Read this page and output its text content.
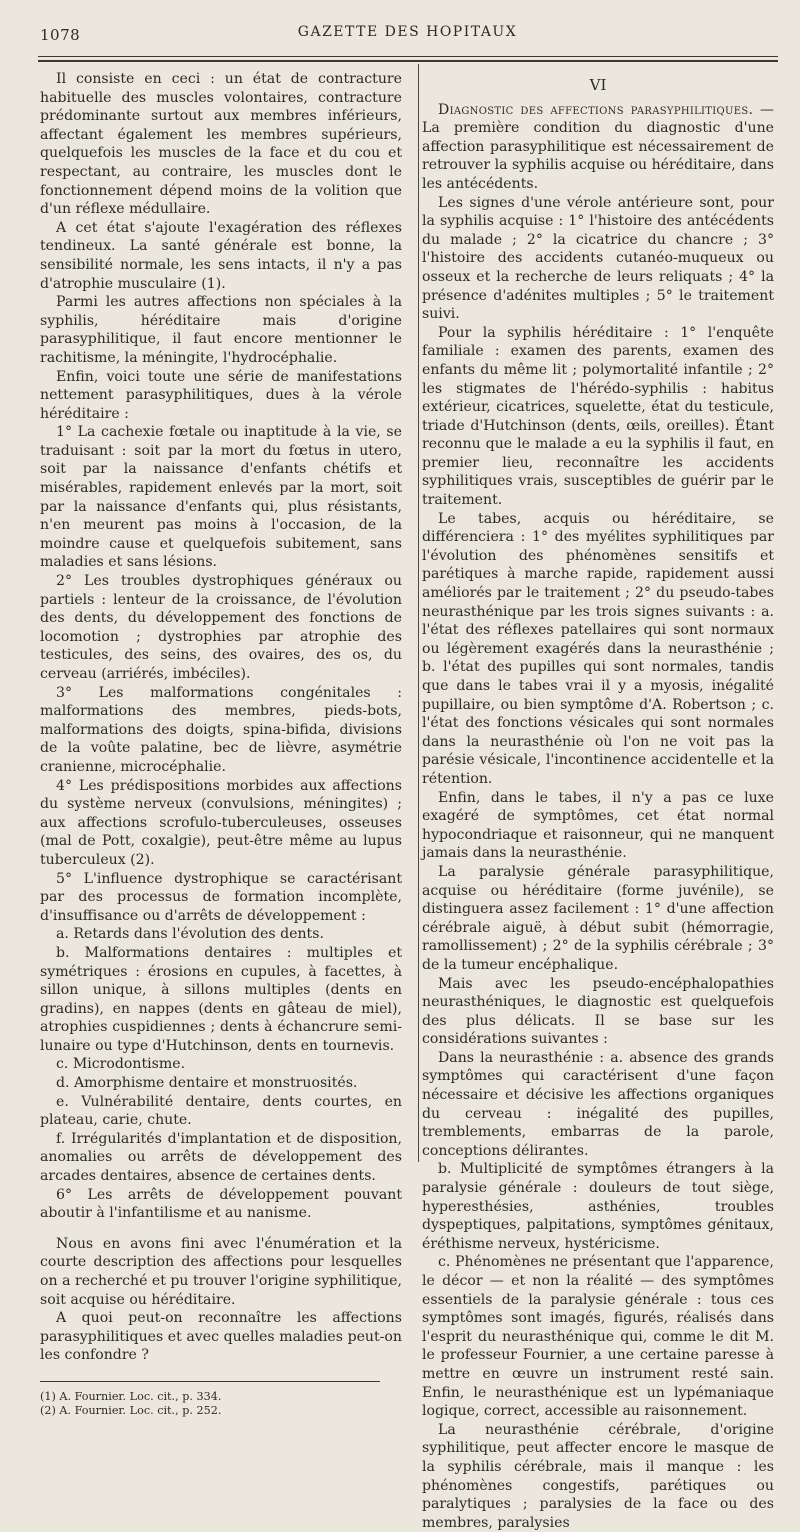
1078	GAZETTE DES HOPITAUX

Il consiste en ceci : un état de contracture habituelle des muscles volontaires, contracture prédominante surtout aux membres inférieurs, affectant également les membres supérieurs, quelquefois les muscles de la face et du cou et respectant, au contraire, les muscles dont le fonctionnement dépend moins de la volition que d'un réflexe médullaire.

A cet état s'ajoute l'exagération des réflexes tendineux. La santé générale est bonne, la sensibilité normale, les sens intacts, il n'y a pas d'atrophie musculaire (1).

Parmi les autres affections non spéciales à la syphilis, héréditaire mais d'origine parasyphilitique, il faut encore mentionner le rachitisme, la méningite, l'hydrocéphalie.

Enfin, voici toute une série de manifestations nettement parasyphilitiques, dues à la vérole héréditaire :

1° La cachexie fœtale ou inaptitude à la vie, se traduisant : soit par la mort du fœtus in utero, soit par la naissance d'enfants chétifs et misérables, rapidement enlevés par la mort, soit par la naissance d'enfants qui, plus résistants, n'en meurent pas moins à l'occasion, de la moindre cause et quelquefois subitement, sans maladies et sans lésions.

2° Les troubles dystrophiques généraux ou partiels : lenteur de la croissance, de l'évolution des dents, du développement des fonctions de locomotion ; dystrophies par atrophie des testicules, des seins, des ovaires, des os, du cerveau (arriérés, imbéciles).

3° Les malformations congénitales : malformations des membres, pieds-bots, malformations des doigts, spina-bifida, divisions de la voûte palatine, bec de lièvre, asymétrie cranienne, microcéphalie.

4° Les prédispositions morbides aux affections du système nerveux (convulsions, méningites) ; aux affections scrofulo-tuberculeuses, osseuses (mal de Pott, coxalgie), peut-être même au lupus tuberculeux (2).

5° L'influence dystrophique se caractérisant par des processus de formation incomplète, d'insuffisance ou d'arrêts de développement :

a. Retards dans l'évolution des dents.

b. Malformations dentaires : multiples et symétriques : érosions en cupules, à facettes, à sillon unique, à sillons multiples (dents en gradins), en nappes (dents en gâteau de miel), atrophies cuspidiennes ; dents à échancrure semi-lunaire ou type d'Hutchinson, dents en tournevis.

c. Microdontisme.

d. Amorphisme dentaire et monstruosités.

e. Vulnérabilité dentaire, dents courtes, en plateau, carie, chute.

f. Irrégularités d'implantation et de disposition, anomalies ou arrêts de développement des arcades dentaires, absence de certaines dents.

6° Les arrêts de développement pouvant aboutir à l'infantilisme et au nanisme.

Nous en avons fini avec l'énumération et la courte description des affections pour lesquelles on a recherché et pu trouver l'origine syphilitique, soit acquise ou héréditaire.

A quoi peut-on reconnaître les affections parasyphilitiques et avec quelles maladies peut-on les confondre ?

(1) A. Fournier. Loc. cit., p. 334.

(2) A. Fournier. Loc. cit., p. 252.

VI

Diagnostic des affections parasyphilitiques. — La première condition du diagnostic d'une affection parasyphilitique est nécessairement de retrouver la syphilis acquise ou héréditaire, dans les antécédents.

Les signes d'une vérole antérieure sont, pour la syphilis acquise : 1° l'histoire des antécédents du malade ; 2° la cicatrice du chancre ; 3° l'histoire des accidents cutanéo-muqueux ou osseux et la recherche de leurs reliquats ; 4° la présence d'adénites multiples ; 5° le traitement suivi.

Pour la syphilis héréditaire : 1° l'enquête familiale : examen des parents, examen des enfants du même lit ; polymortalité infantile ; 2° les stigmates de l'hérédo-syphilis : habitus extérieur, cicatrices, squelette, état du testicule, triade d'Hutchinson (dents, œils, oreilles). Étant reconnu que le malade a eu la syphilis il faut, en premier lieu, reconnaître les accidents syphilitiques vrais, susceptibles de guérir par le traitement.

Le tabes, acquis ou héréditaire, se différenciera : 1° des myélites syphilitiques par l'évolution des phénomènes sensitifs et parétiques à marche rapide, rapidement aussi améliorés par le traitement ; 2° du pseudo-tabes neurasthénique par les trois signes suivants : a. l'état des réflexes patellaires qui sont normaux ou légèrement exagérés dans la neurasthénie ; b. l'état des pupilles qui sont normales, tandis que dans le tabes vrai il y a myosis, inégalité pupillaire, ou bien symptôme d'A. Robertson ; c. l'état des fonctions vésicales qui sont normales dans la neurasthénie où l'on ne voit pas la parésie vésicale, l'incontinence accidentelle et la rétention.

Enfin, dans le tabes, il n'y a pas ce luxe exagéré de symptômes, cet état normal hypocondriaque et raisonneur, qui ne manquent jamais dans la neurasthénie.

La paralysie générale parasyphilitique, acquise ou héréditaire (forme juvénile), se distinguera assez facilement : 1° d'une affection cérébrale aiguë, à début subit (hémorragie, ramollissement) ; 2° de la syphilis cérébrale ; 3° de la tumeur encéphalique.

Mais avec les pseudo-encéphalopathies neurasthéniques, le diagnostic est quelquefois des plus délicats. Il se base sur les considérations suivantes :

Dans la neurasthénie : a. absence des grands symptômes qui caractérisent d'une façon nécessaire et décisive les affections organiques du cerveau : inégalité des pupilles, tremblements, embarras de la parole, conceptions délirantes.

b. Multiplicité de symptômes étrangers à la paralysie générale : douleurs de tout siège, hyperesthésies, asthénies, troubles dyspeptiques, palpitations, symptômes génitaux, éréthisme nerveux, hystéricisme.

c. Phénomènes ne présentant que l'apparence, le décor — et non la réalité — des symptômes essentiels de la paralysie générale : tous ces symptômes sont imagés, figurés, réalisés dans l'esprit du neurasthénique qui, comme le dit M. le professeur Fournier, a une certaine paresse à mettre en œuvre un instrument resté sain. Enfin, le neurasthénique est un lypémaniaque logique, correct, accessible au raisonnement.

La neurasthénie cérébrale, d'origine syphilitique, peut affecter encore le masque de la syphilis cérébrale, mais il manque : les phénomènes congestifs, parétiques ou paralytiques ; paralysies de la face ou des membres, paralysies
